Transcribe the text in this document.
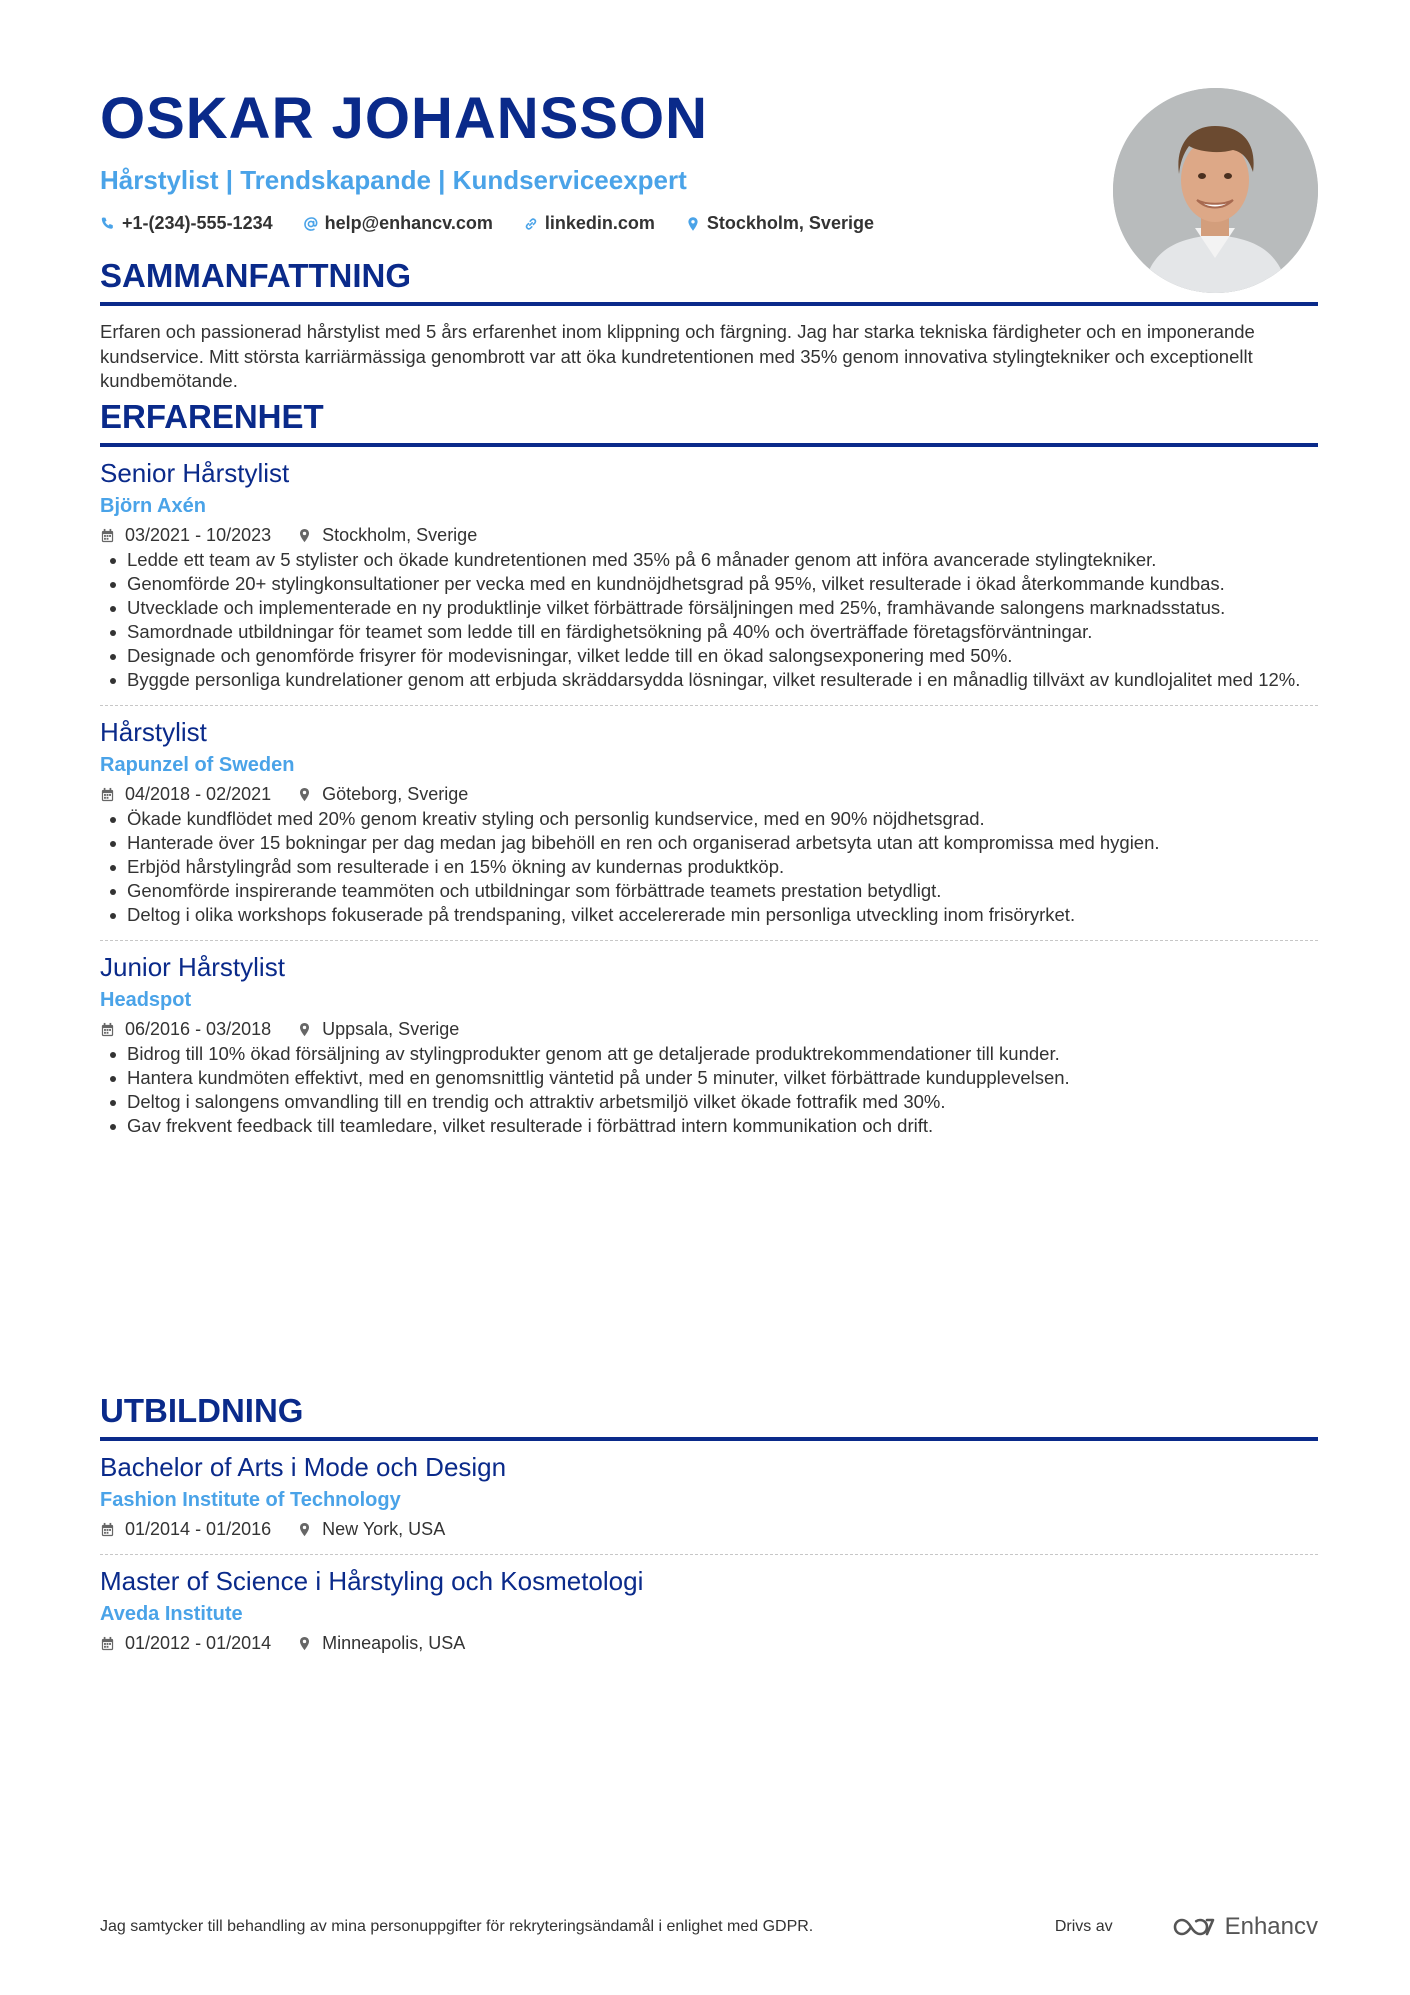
OSKAR JOHANSSON
Hårstylist | Trendskapande | Kundserviceexpert
+1-(234)-555-1234	help@enhancv.com	linkedin.com	Stockholm, Sverige
SAMMANFATTNING
Erfaren och passionerad hårstylist med 5 års erfarenhet inom klippning och färgning. Jag har starka tekniska färdigheter och en imponerande kundservice. Mitt största karriärmässiga genombrott var att öka kundretentionen med 35% genom innovativa stylingtekniker och exceptionellt kundbemötande.
ERFARENHET
Senior Hårstylist
Björn Axén
03/2021 - 10/2023	Stockholm, Sverige
Ledde ett team av 5 stylister och ökade kundretentionen med 35% på 6 månader genom att införa avancerade stylingtekniker.
Genomförde 20+ stylingkonsultationer per vecka med en kundnöjdhetsgrad på 95%, vilket resulterade i ökad återkommande kundbas.
Utvecklade och implementerade en ny produktlinje vilket förbättrade försäljningen med 25%, framhävande salongens marknadsstatus.
Samordnade utbildningar för teamet som ledde till en färdighetsökning på 40% och överträffade företagsförväntningar.
Designade och genomförde frisyrer för modevisningar, vilket ledde till en ökad salongsexponering med 50%.
Byggde personliga kundrelationer genom att erbjuda skräddarsydda lösningar, vilket resulterade i en månadlig tillväxt av kundlojalitet med 12%.
Hårstylist
Rapunzel of Sweden
04/2018 - 02/2021	Göteborg, Sverige
Ökade kundflödet med 20% genom kreativ styling och personlig kundservice, med en 90% nöjdhetsgrad.
Hanterade över 15 bokningar per dag medan jag bibehöll en ren och organiserad arbetsyta utan att kompromissa med hygien.
Erbjöd hårstylingråd som resulterade i en 15% ökning av kundernas produktköp.
Genomförde inspirerande teammöten och utbildningar som förbättrade teamets prestation betydligt.
Deltog i olika workshops fokuserade på trendspaning, vilket accelererade min personliga utveckling inom frisöryrket.
Junior Hårstylist
Headspot
06/2016 - 03/2018	Uppsala, Sverige
Bidrog till 10% ökad försäljning av stylingprodukter genom att ge detaljerade produktrekommendationer till kunder.
Hantera kundmöten effektivt, med en genomsnittlig väntetid på under 5 minuter, vilket förbättrade kundupplevelsen.
Deltog i salongens omvandling till en trendig och attraktiv arbetsmiljö vilket ökade fottrafik med 30%.
Gav frekvent feedback till teamledare, vilket resulterade i förbättrad intern kommunikation och drift.
UTBILDNING
Bachelor of Arts i Mode och Design
Fashion Institute of Technology
01/2014 - 01/2016	New York, USA
Master of Science i Hårstyling och Kosmetologi
Aveda Institute
01/2012 - 01/2014	Minneapolis, USA
Jag samtycker till behandling av mina personuppgifter för rekryteringsändamål i enlighet med GDPR.	Drivs av	Enhancv
